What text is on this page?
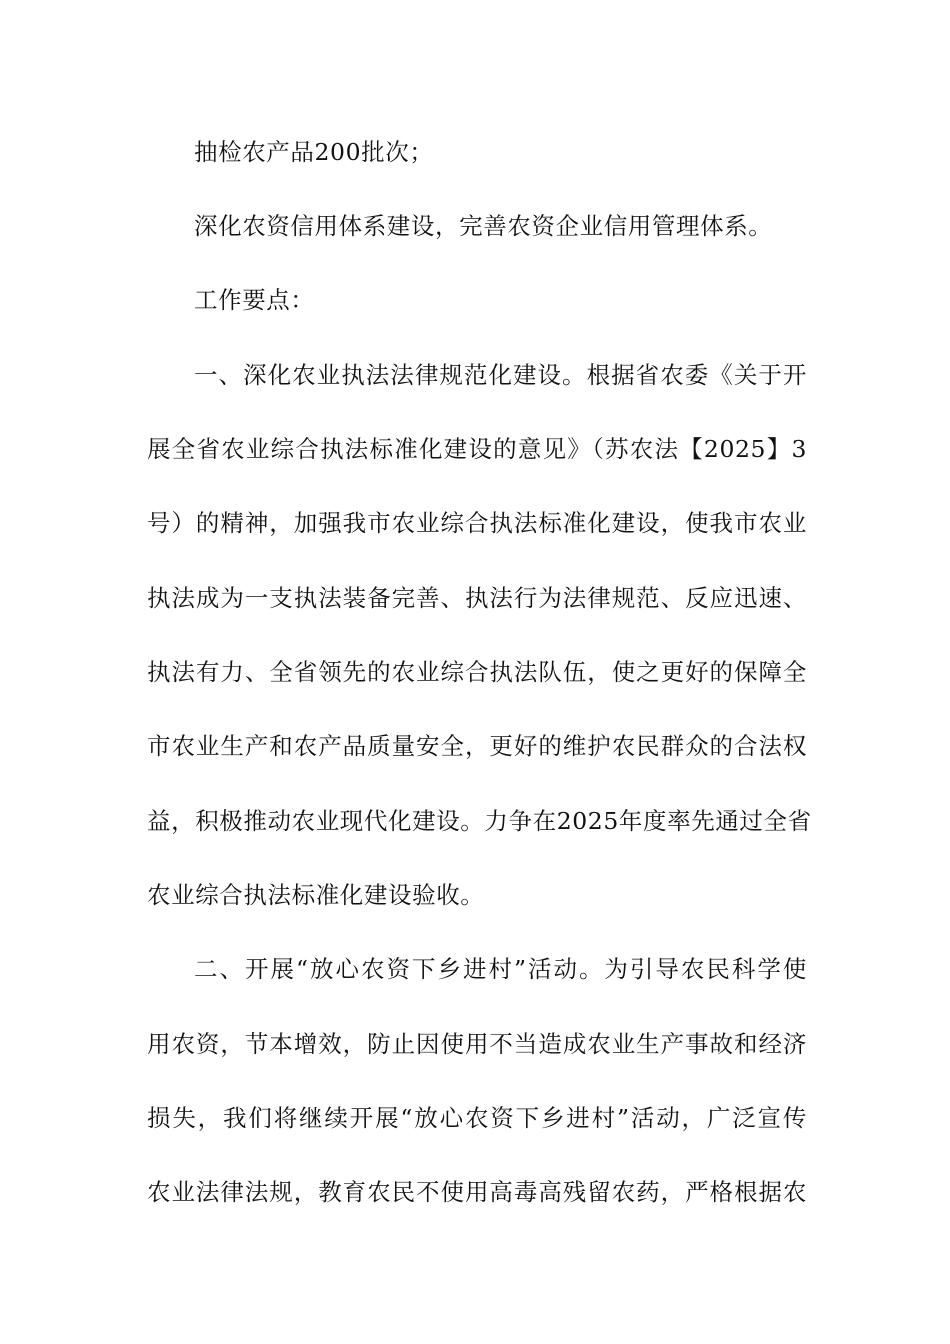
抽检农产品200批次；
深化农资信用体系建设，完善农资企业信用管理体系。
工作要点：
一、深化农业执法法律规范化建设。根据省农委《关于开
展全省农业综合执法标准化建设的意见》（苏农法【2025】3
号）的精神，加强我市农业综合执法标准化建设，使我市农业
执法成为一支执法装备完善、执法行为法律规范、反应迅速、
执法有力、全省领先的农业综合执法队伍，使之更好的保障全
市农业生产和农产品质量安全，更好的维护农民群众的合法权
益，积极推动农业现代化建设。力争在2025年度率先通过全省
农业综合执法标准化建设验收。
二、开展“放心农资下乡进村”活动。为引导农民科学使
用农资，节本增效，防止因使用不当造成农业生产事故和经济
损失，我们将继续开展“放心农资下乡进村”活动，广泛宣传
农业法律法规，教育农民不使用高毒高残留农药，严格根据农
